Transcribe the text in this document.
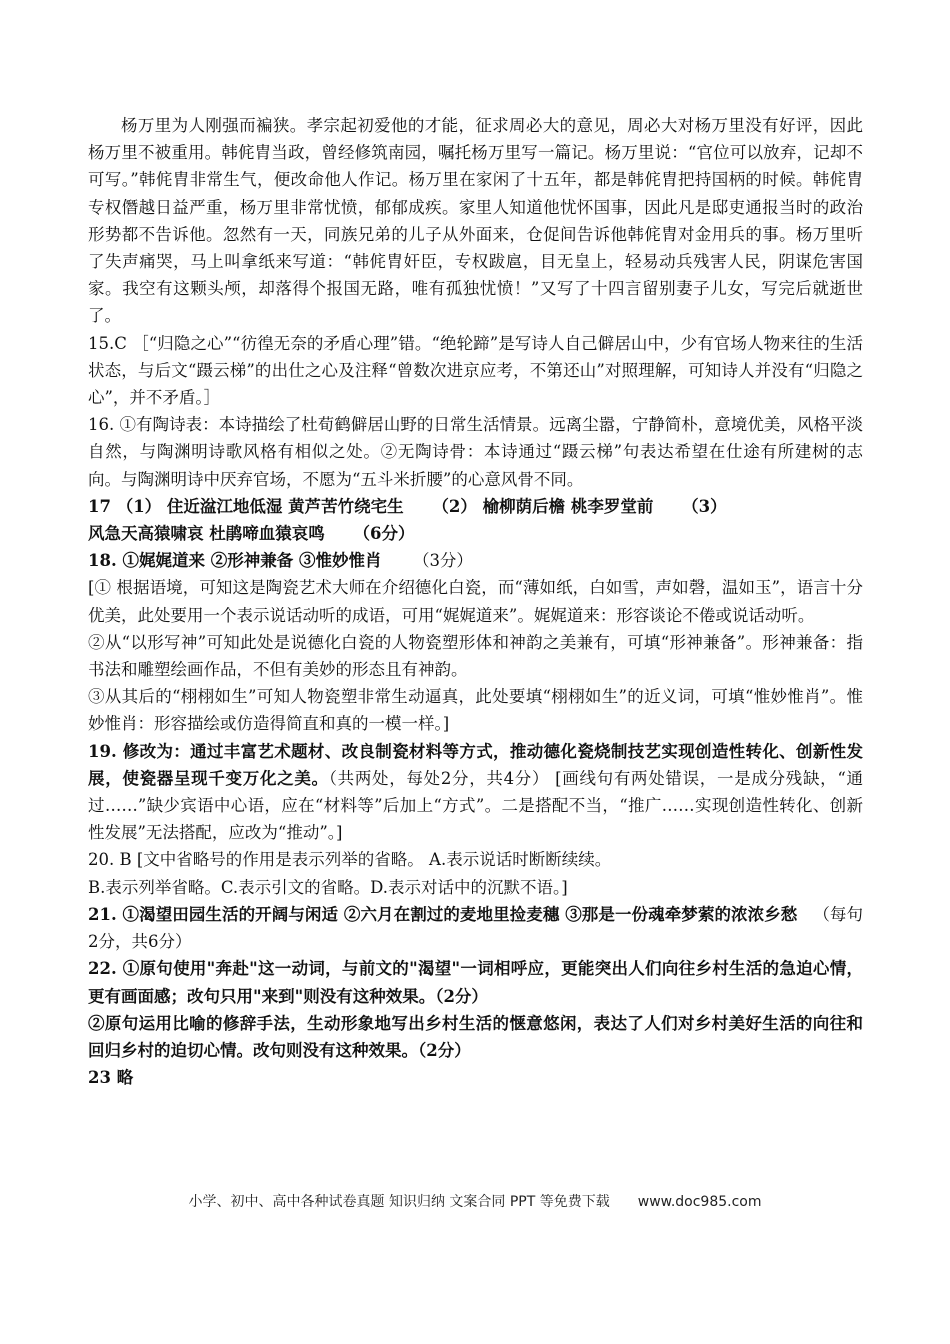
杨万里为人刚强而褊狭。孝宗起初爱他的才能，征求周必大的意见，周必大对杨万里没有好评，因此杨万里不被重用。韩侂胄当政，曾经修筑南园，嘱托杨万里写一篇记。杨万里说：“官位可以放弃，记却不可写。”韩侂胄非常生气，便改命他人作记。杨万里在家闲了十五年，都是韩侂胄把持国柄的时候。韩侂胄专权僭越日益严重，杨万里非常忧愤，郁郁成疾。家里人知道他忧怀国事，因此凡是邸吏通报当时的政治形势都不告诉他。忽然有一天，同族兄弟的儿子从外面来，仓促间告诉他韩侂胄对金用兵的事。杨万里听了失声痛哭，马上叫拿纸来写道：“韩侂胄奸臣，专权跋扈，目无皇上，轻易动兵残害人民，阴谋危害国家。我空有这颗头颅，却落得个报国无路，唯有孤独忧愤！”又写了十四言留别妻子儿女，写完后就逝世了。

15.C ［“归隐之心”“彷徨无奈的矛盾心理”错。“绝轮蹄”是写诗人自己僻居山中，少有官场人物来往的生活状态，与后文“蹑云梯”的出仕之心及注释“曾数次进京应考，不第还山”对照理解，可知诗人并没有“归隐之心”，并不矛盾。］

16. ①有陶诗表：本诗描绘了杜荀鹤僻居山野的日常生活情景。远离尘嚣，宁静简朴，意境优美，风格平淡自然，与陶渊明诗歌风格有相似之处。②无陶诗骨：本诗通过“蹑云梯”句表达希望在仕途有所建树的志向。与陶渊明诗中厌弃官场，不愿为“五斗米折腰”的心意风骨不同。

17 （1） 住近湓江地低湿 黄芦苦竹绕宅生 （2） 榆柳荫后檐 桃李罗堂前 （3）
风急天高猿啸哀 杜鹃啼血猿哀鸣 （6分）

18. ①娓娓道来 ②形神兼备 ③惟妙惟肖 （3分）

[① 根据语境，可知这是陶瓷艺术大师在介绍德化白瓷，而“薄如纸，白如雪，声如磬，温如玉”，语言十分优美，此处要用一个表示说话动听的成语，可用“娓娓道来”。娓娓道来：形容谈论不倦或说话动听。

②从“以形写神”可知此处是说德化白瓷的人物瓷塑形体和神韵之美兼有，可填“形神兼备”。形神兼备：指书法和雕塑绘画作品，不但有美妙的形态且有神韵。

③从其后的“栩栩如生”可知人物瓷塑非常生动逼真，此处要填“栩栩如生”的近义词，可填“惟妙惟肖”。惟妙惟肖：形容描绘或仿造得简直和真的一模一样。]

19. 修改为：通过丰富艺术题材、改良制瓷材料等方式，推动德化瓷烧制技艺实现创造性转化、创新性发展，使瓷器呈现千变万化之美。（共两处，每处2分，共4分） [画线句有两处错误，一是成分残缺，“通过……”缺少宾语中心语，应在“材料等”后加上“方式”。二是搭配不当，“推广……实现创造性转化、创新性发展”无法搭配，应改为“推动”。]

20. B [文中省略号的作用是表示列举的省略。 A.表示说话时断断续续。

B.表示列举省略。C.表示引文的省略。D.表示对话中的沉默不语。]

21. ①渴望田园生活的开阔与闲适 ②六月在割过的麦地里捡麦穗 ③那是一份魂牵梦萦的浓浓乡愁 （每句2分，共6分）

22. ①原句使用"奔赴"这一动词，与前文的"渴望"一词相呼应，更能突出人们向往乡村生活的急迫心情，更有画面感；改句只用"来到"则没有这种效果。（2分）

②原句运用比喻的修辞手法，生动形象地写出乡村生活的惬意悠闲，表达了人们对乡村美好生活的向往和回归乡村的迫切心情。改句则没有这种效果。（2分）

23 略

小学、初中、高中各种试卷真题 知识归纳 文案合同 PPT 等免费下载 www.doc985.com
